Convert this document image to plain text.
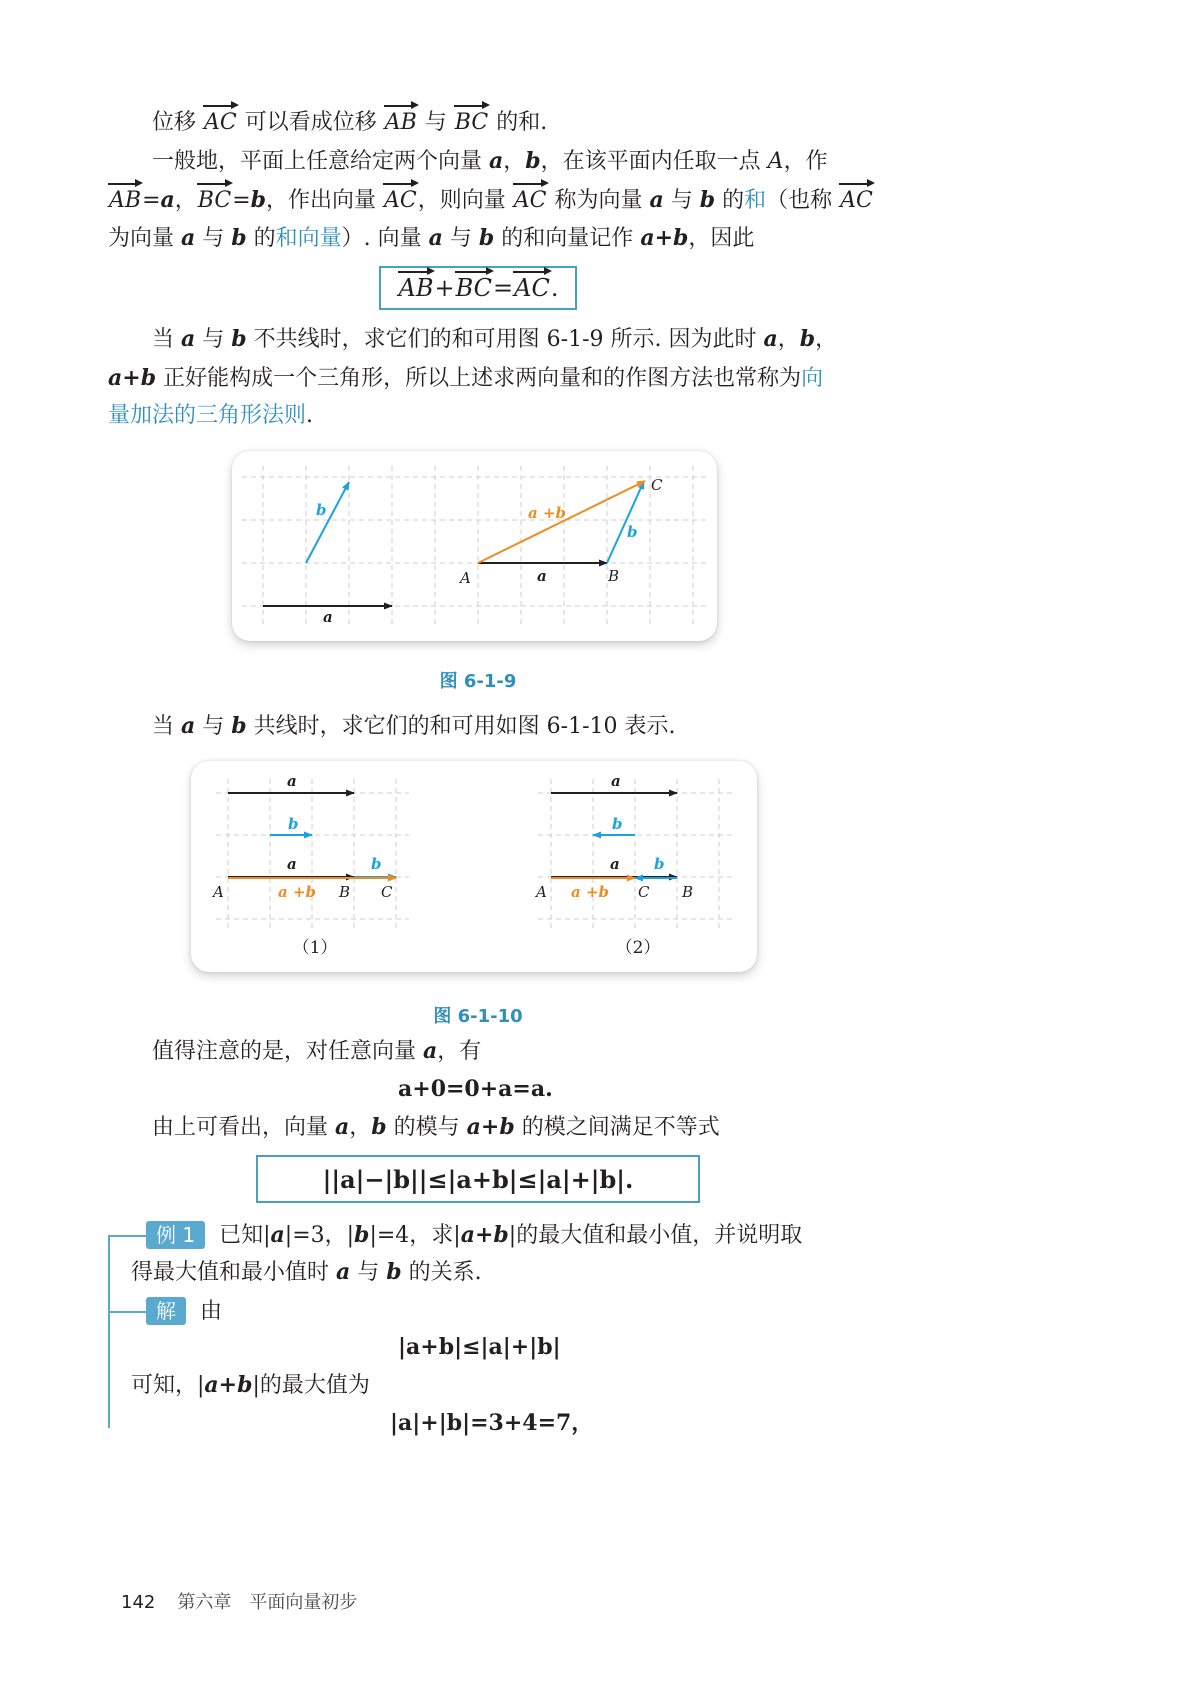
位移 AC 可以看成位移 AB 与 BC 的和.
一般地，平面上任意给定两个向量 a，b，在该平面内任取一点 A，作
AB=a，BC=b，作出向量 AC，则向量 AC 称为向量 a 与 b 的和（也称 AC
为向量 a 与 b 的和向量）. 向量 a 与 b 的和向量记作 a+b，因此
AB + BC = AC .
当 a 与 b 不共线时，求它们的和可用图 6-1-9 所示. 因为此时 a，b，
a+b 正好能构成一个三角形，所以上述求两向量和的作图方法也常称为向
量加法的三角形法则.
b
a
a +b
b
a
A	B
C
图 6-1-9
当 a 与 b 共线时，求它们的和可用如图 6-1-10 表示.
a
b
a	b
a +b
A	B C
（1）
a
b
a b
a +b
A	C B
（2）
图 6-1-10
值得注意的是，对任意向量 a，有
a+0=0+a=a.
由上可看出，向量 a，b 的模与 a+b 的模之间满足不等式
||a|−|b||≤|a+b|≤|a|+|b|.
例 1 已知|a|=3，|b|=4，求|a+b|的最大值和最小值，并说明取
得最大值和最小值时 a 与 b 的关系.
解 由
|a+b|≤|a|+|b|
可知，|a+b|的最大值为
|a|+|b|=3+4=7，
142 第六章　平面向量初步
